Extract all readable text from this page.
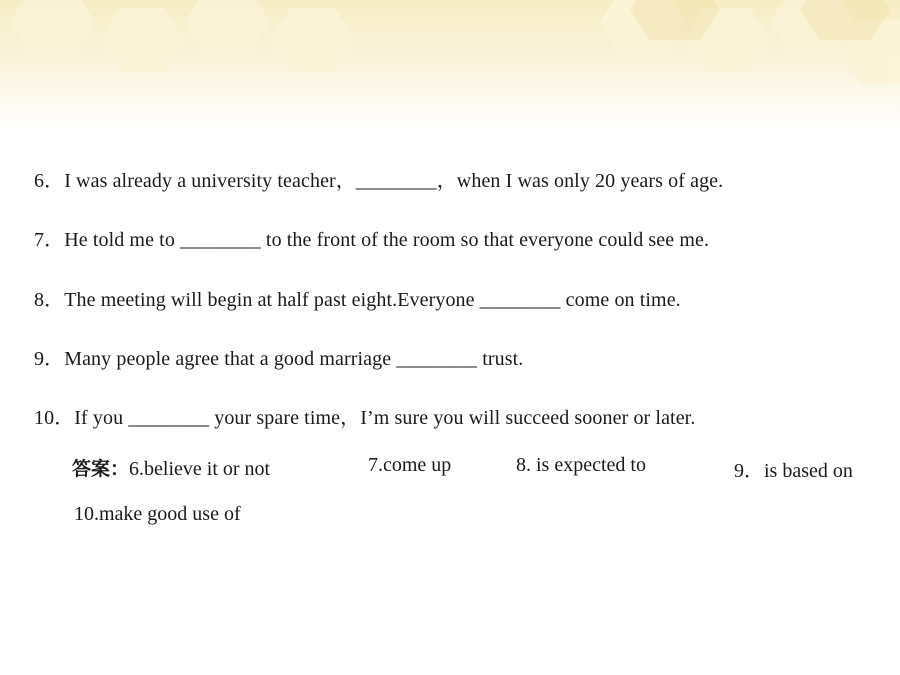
6．I was already a university teacher，________，when I was only 20 years of age.
7．He told me to ________ to the front of the room so that everyone could see me.
8．The meeting will begin at half past eight.Everyone ________ come on time.
9．Many people agree that a good marriage ________ trust.
10．If you ________ your spare time，I’m sure you will succeed sooner or later.
答案：6.believe it or not	7.come up	8. is expected to	9．is based on
10.make good use of
